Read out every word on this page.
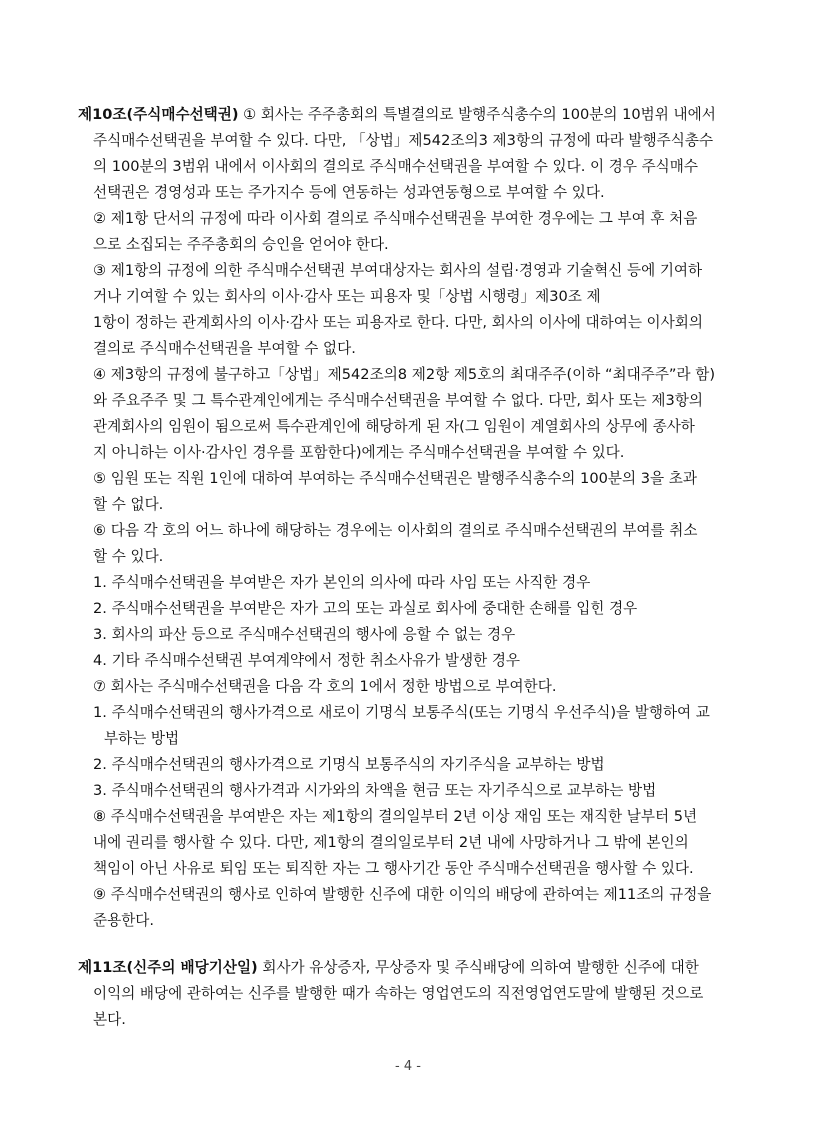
제10조(주식매수선택권) ① 회사는 주주총회의 특별결의로 발행주식총수의 100분의 10범위 내에서
주식매수선택권을 부여할 수 있다. 다만, 「상법」제542조의3 제3항의 규정에 따라 발행주식총수
의 100분의 3범위 내에서 이사회의 결의로 주식매수선택권을 부여할 수 있다. 이 경우 주식매수
선택권은 경영성과 또는 주가지수 등에 연동하는 성과연동형으로 부여할 수 있다.
② 제1항 단서의 규정에 따라 이사회 결의로 주식매수선택권을 부여한 경우에는 그 부여 후 처음
으로 소집되는 주주총회의 승인을 얻어야 한다.
③ 제1항의 규정에 의한 주식매수선택권 부여대상자는 회사의 설립·경영과 기술혁신 등에 기여하
거나 기여할 수 있는 회사의 이사·감사 또는 피용자 및「상법 시행령」제30조 제
1항이 정하는 관계회사의 이사·감사 또는 피용자로 한다. 다만, 회사의 이사에 대하여는 이사회의
결의로 주식매수선택권을 부여할 수 없다.
④ 제3항의 규정에 불구하고「상법」제542조의8 제2항 제5호의 최대주주(이하 “최대주주”라 함)
와 주요주주 및 그 특수관계인에게는 주식매수선택권을 부여할 수 없다. 다만, 회사 또는 제3항의
관계회사의 임원이 됨으로써 특수관계인에 해당하게 된 자(그 임원이 계열회사의 상무에 종사하
지 아니하는 이사·감사인 경우를 포함한다)에게는 주식매수선택권을 부여할 수 있다.
⑤ 임원 또는 직원 1인에 대하여 부여하는 주식매수선택권은 발행주식총수의 100분의 3을 초과
할 수 없다.
⑥ 다음 각 호의 어느 하나에 해당하는 경우에는 이사회의 결의로 주식매수선택권의 부여를 취소
할 수 있다.
1. 주식매수선택권을 부여받은 자가 본인의 의사에 따라 사임 또는 사직한 경우
2. 주식매수선택권을 부여받은 자가 고의 또는 과실로 회사에 중대한 손해를 입힌 경우
3. 회사의 파산 등으로 주식매수선택권의 행사에 응할 수 없는 경우
4. 기타 주식매수선택권 부여계약에서 정한 취소사유가 발생한 경우
⑦ 회사는 주식매수선택권을 다음 각 호의 1에서 정한 방법으로 부여한다.
1. 주식매수선택권의 행사가격으로 새로이 기명식 보통주식(또는 기명식 우선주식)을 발행하여 교
부하는 방법
2. 주식매수선택권의 행사가격으로 기명식 보통주식의 자기주식을 교부하는 방법
3. 주식매수선택권의 행사가격과 시가와의 차액을 현금 또는 자기주식으로 교부하는 방법
⑧ 주식매수선택권을 부여받은 자는 제1항의 결의일부터 2년 이상 재임 또는 재직한 날부터 5년
내에 권리를 행사할 수 있다. 다만, 제1항의 결의일로부터 2년 내에 사망하거나 그 밖에 본인의
책임이 아닌 사유로 퇴임 또는 퇴직한 자는 그 행사기간 동안 주식매수선택권을 행사할 수 있다.
⑨ 주식매수선택권의 행사로 인하여 발행한 신주에 대한 이익의 배당에 관하여는 제11조의 규정을
준용한다.
제11조(신주의 배당기산일) 회사가 유상증자, 무상증자 및 주식배당에 의하여 발행한 신주에 대한
이익의 배당에 관하여는 신주를 발행한 때가 속하는 영업연도의 직전영업연도말에 발행된 것으로
본다.
- 4 -
